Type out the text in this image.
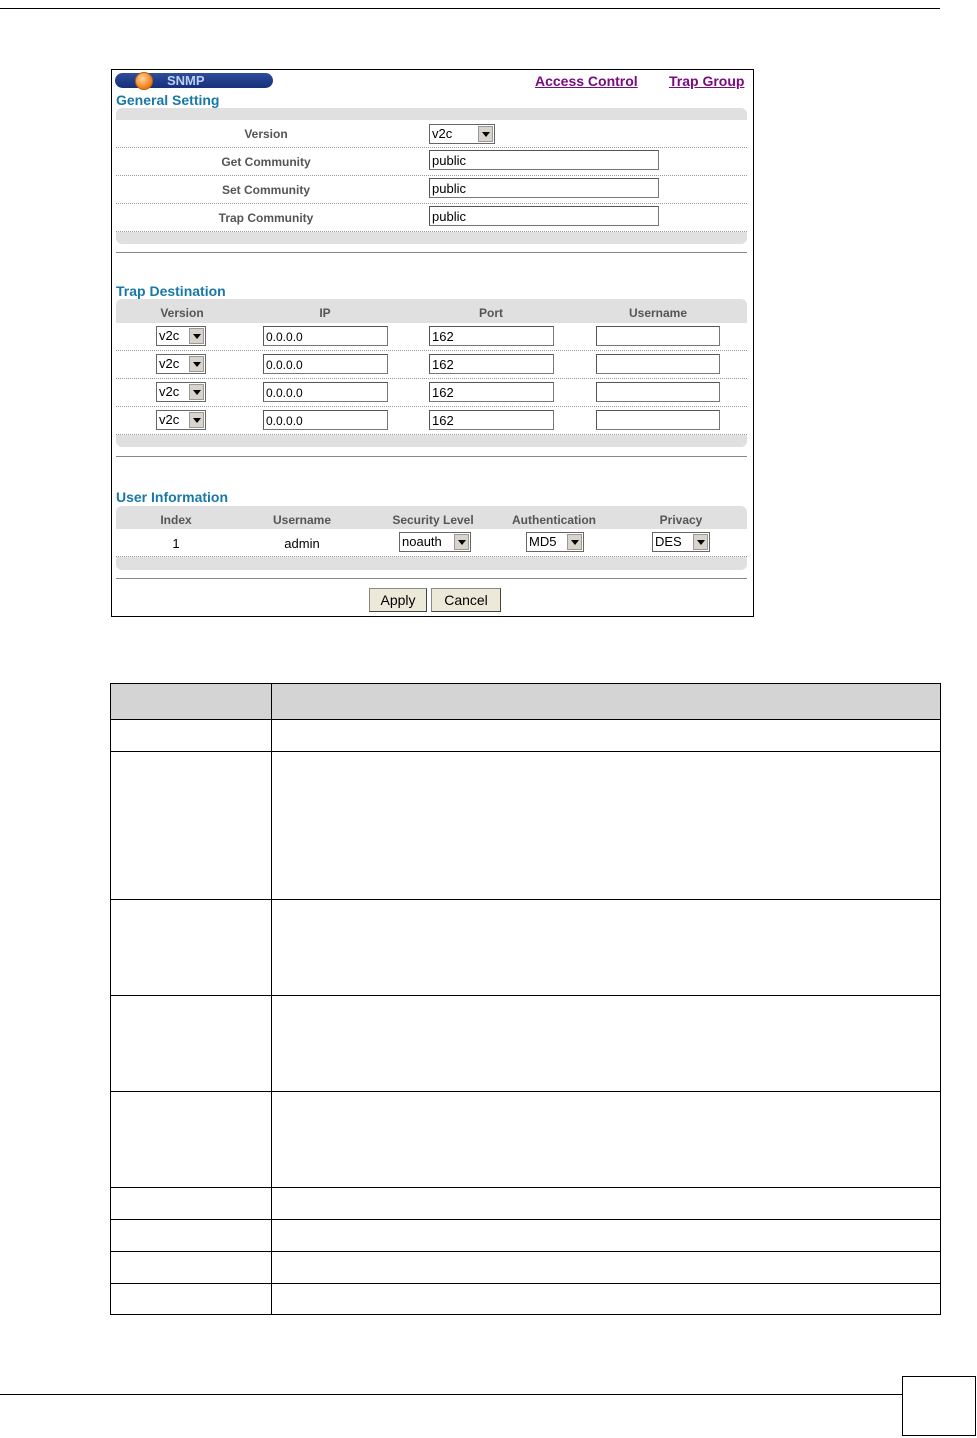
SNMP	Access Control Trap Group
General Setting
Version	v2c
Get Community	public
Set Community	public
Trap Community	public
Trap Destination
Version	IP	Port	Username
v2c	0.0.0.0	162
v2c	0.0.0.0	162
v2c	0.0.0.0	162
v2c	0.0.0.0	162
User Information
Index	Username	Security Level	Authentication	Privacy
1	admin	noauth	MD5	DES
Apply	Cancel
